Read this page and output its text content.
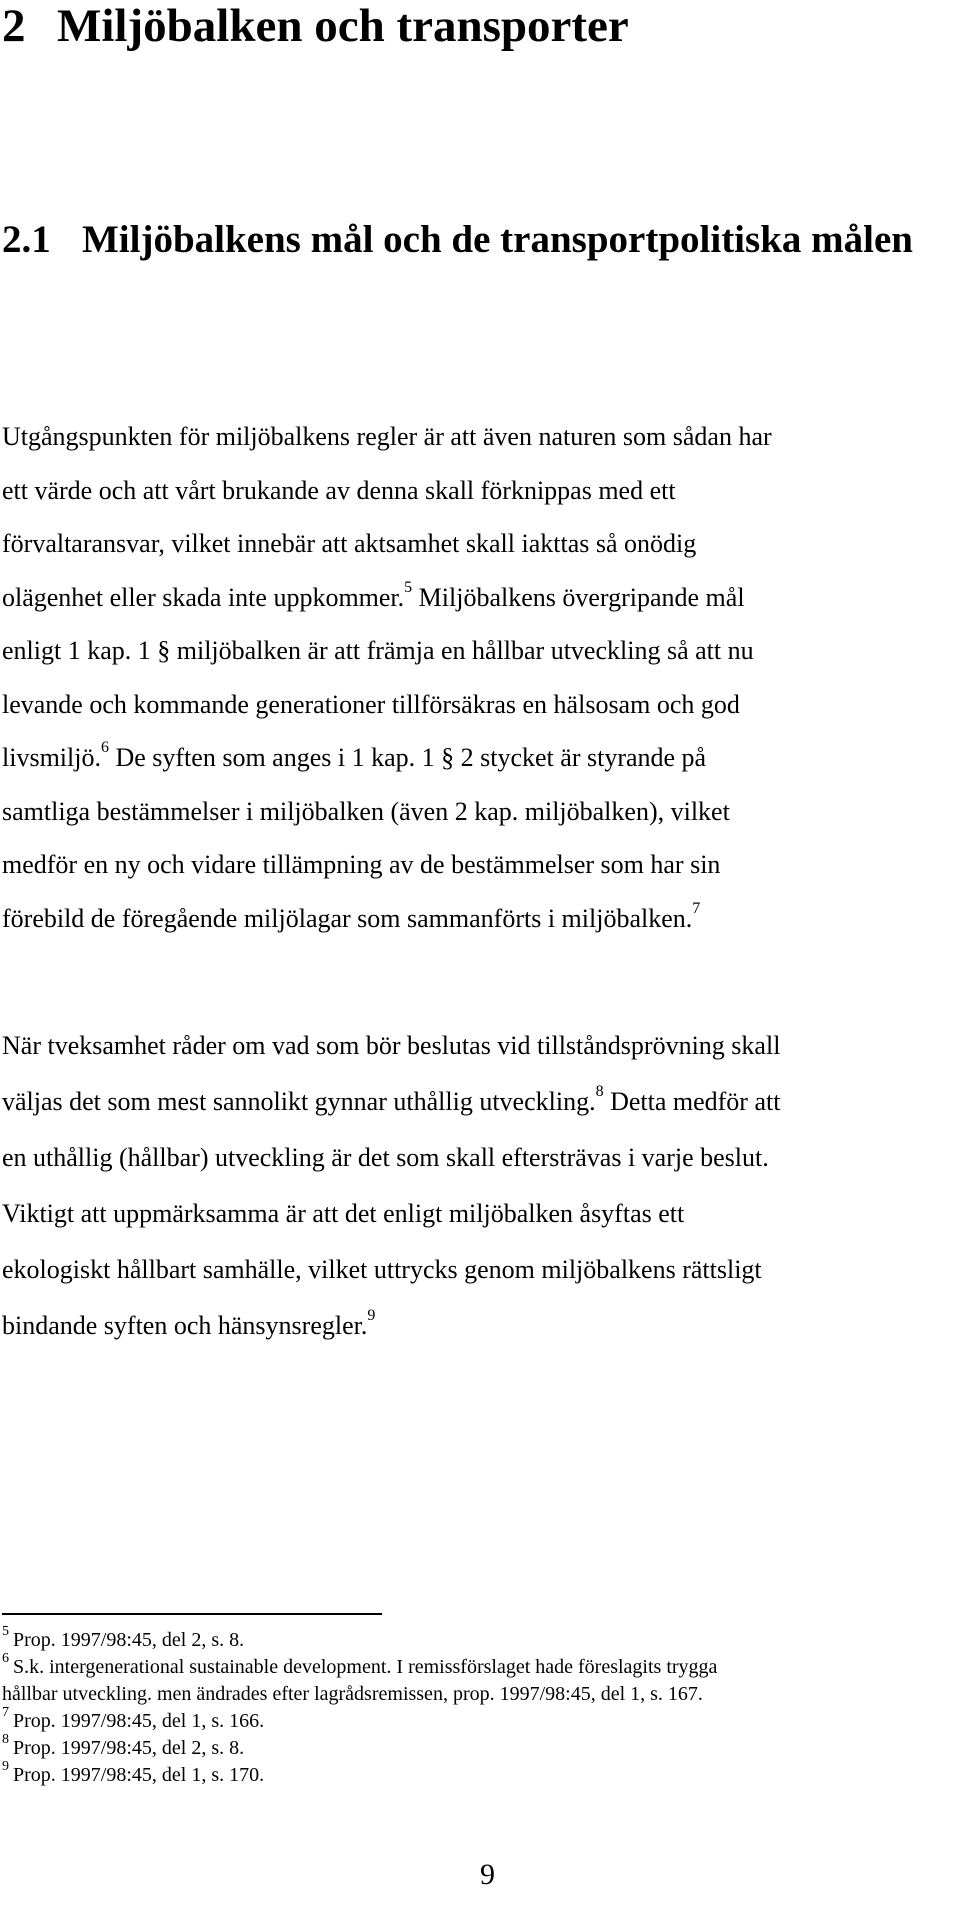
2 Miljöbalken och transporter
2.1 Miljöbalkens mål och de transportpolitiska målen
Utgångspunkten för miljöbalkens regler är att även naturen som sådan har
ett värde och att vårt brukande av denna skall förknippas med ett
förvaltaransvar, vilket innebär att aktsamhet skall iakttas så onödig
olägenhet eller skada inte uppkommer.$^5$ Miljöbalkens övergripande mål
enligt 1 kap. 1 § miljöbalken är att främja en hållbar utveckling så att nu
levande och kommande generationer tillförsäkras en hälsosam och god
livsmiljö.$^6$ De syften som anges i 1 kap. 1 § 2 stycket är styrande på
samtliga bestämmelser i miljöbalken (även 2 kap. miljöbalken), vilket
medför en ny och vidare tillämpning av de bestämmelser som har sin
förebild de föregående miljölagar som sammanförts i miljöbalken.$^7$
När tveksamhet råder om vad som bör beslutas vid tillståndsprövning skall
väljas det som mest sannolikt gynnar uthållig utveckling.$^8$ Detta medför att
en uthållig (hållbar) utveckling är det som skall eftersträvas i varje beslut.
Viktigt att uppmärksamma är att det enligt miljöbalken åsyftas ett
ekologiskt hållbart samhälle, vilket uttrycks genom miljöbalkens rättsligt
bindande syften och hänsynsregler.$^9$
$^5$ Prop. 1997/98:45, del 2, s. 8.
$^6$ S.k. intergenerational sustainable development. I remissförslaget hade föreslagits trygga
hållbar utveckling. men ändrades efter lagrådsremissen, prop. 1997/98:45, del 1, s. 167.
$^7$ Prop. 1997/98:45, del 1, s. 166.
$^8$ Prop. 1997/98:45, del 2, s. 8.
$^9$ Prop. 1997/98:45, del 1, s. 170.
9
